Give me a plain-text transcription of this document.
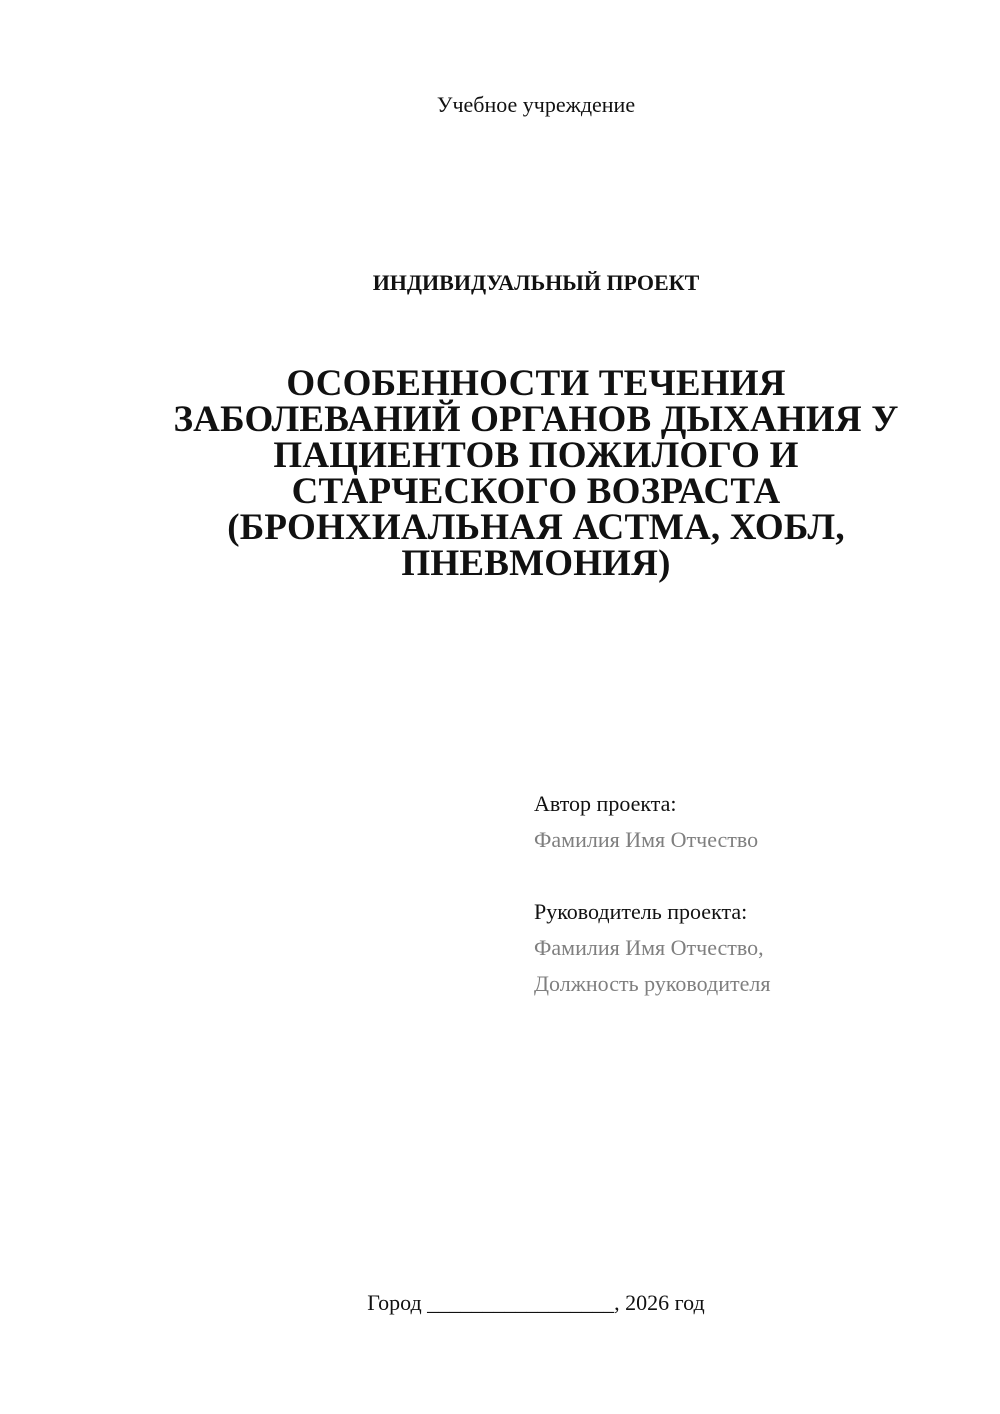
Учебное учреждение
ИНДИВИДУАЛЬНЫЙ ПРОЕКТ
ОСОБЕННОСТИ ТЕЧЕНИЯ
ЗАБОЛЕВАНИЙ ОРГАНОВ ДЫХАНИЯ У
ПАЦИЕНТОВ ПОЖИЛОГО И
СТАРЧЕСКОГО ВОЗРАСТА
(БРОНХИАЛЬНАЯ АСТМА, ХОБЛ,
ПНЕВМОНИЯ)
Автор проекта:
Фамилия Имя Отчество
Руководитель проекта:
Фамилия Имя Отчество,
Должность руководителя
Город _________________, 2026 год
